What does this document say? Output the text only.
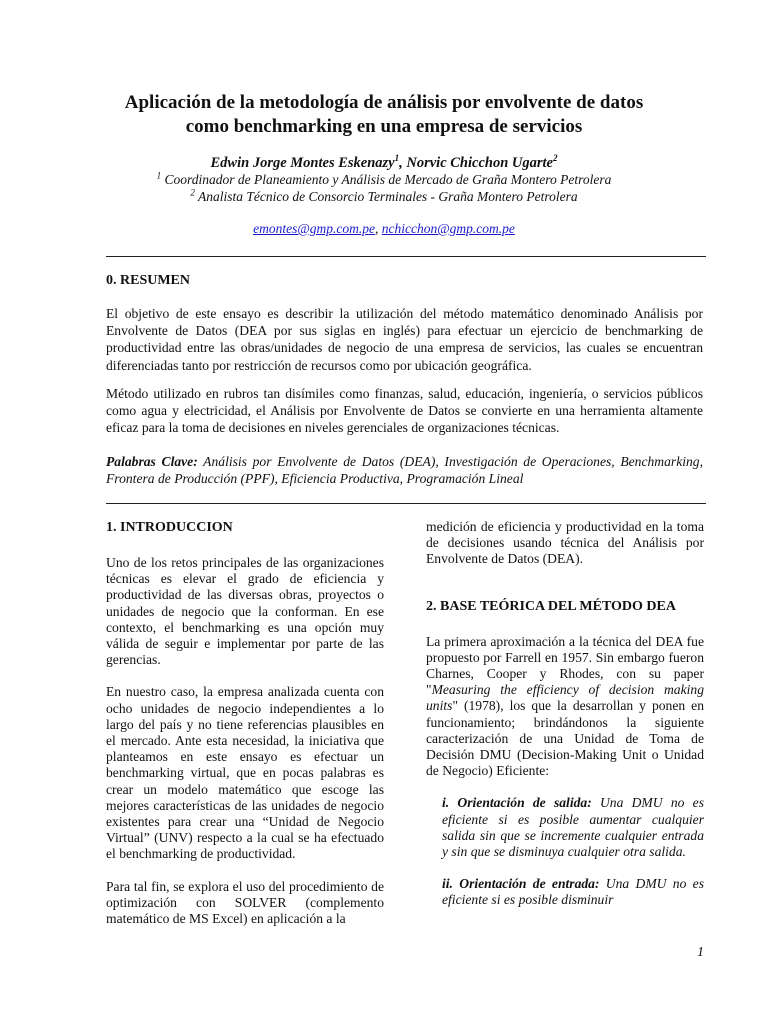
Aplicación de la metodología de análisis por envolvente de datos
como benchmarking en una empresa de servicios
Edwin Jorge Montes Eskenazy$^1$, Norvic Chicchon Ugarte$^2$
$^1$ Coordinador de Planeamiento y Análisis de Mercado de Graña Montero Petrolera
$^2$ Analista Técnico de Consorcio Terminales - Graña Montero Petrolera
emontes@gmp.com.pe, nchicchon@gmp.com.pe
0. RESUMEN

El objetivo de este ensayo es describir la utilización del método matemático denominado Análisis por Envolvente de Datos (DEA por sus siglas en inglés) para efectuar un ejercicio de benchmarking de productividad entre las obras/unidades de negocio de una empresa de servicios, las cuales se encuentran diferenciadas tanto por restricción de recursos como por ubicación geográfica.

Método utilizado en rubros tan disímiles como finanzas, salud, educación, ingeniería, o servicios públicos como agua y electricidad, el Análisis por Envolvente de Datos se convierte en una herramienta altamente eficaz para la toma de decisiones en niveles gerenciales de organizaciones técnicas.

Palabras Clave: Análisis por Envolvente de Datos (DEA), Investigación de Operaciones, Benchmarking, Frontera de Producción (PPF), Eficiencia Productiva, Programación Lineal

1. INTRODUCCION

Uno de los retos principales de las organizaciones técnicas es elevar el grado de eficiencia y productividad de las diversas obras, proyectos o unidades de negocio que la conforman. En ese contexto, el benchmarking es una opción muy válida de seguir e implementar por parte de las gerencias.

En nuestro caso, la empresa analizada cuenta con ocho unidades de negocio independientes a lo largo del país y no tiene referencias plausibles en el mercado. Ante esta necesidad, la iniciativa que planteamos en este ensayo es efectuar un benchmarking virtual, que en pocas palabras es crear un modelo matemático que escoge las mejores características de las unidades de negocio existentes para crear una “Unidad de Negocio Virtual” (UNV) respecto a la cual se ha efectuado el benchmarking de productividad.

Para tal fin, se explora el uso del procedimiento de optimización con SOLVER (complemento matemático de MS Excel) en aplicación a la

medición de eficiencia y productividad en la toma de decisiones usando técnica del Análisis por Envolvente de Datos (DEA).

2. BASE TEÓRICA DEL MÉTODO DEA

La primera aproximación a la técnica del DEA fue propuesto por Farrell en 1957. Sin embargo fueron Charnes, Cooper y Rhodes, con su paper "Measuring the efficiency of decision making units" (1978), los que la desarrollan y ponen en funcionamiento; brindándonos la siguiente caracterización de una Unidad de Toma de Decisión DMU (Decision-Making Unit o Unidad de Negocio) Eficiente:

i. Orientación de salida: Una DMU no es eficiente si es posible aumentar cualquier salida sin que se incremente cualquier entrada y sin que se disminuya cualquier otra salida.

ii. Orientación de entrada: Una DMU no es eficiente si es posible disminuir

1
